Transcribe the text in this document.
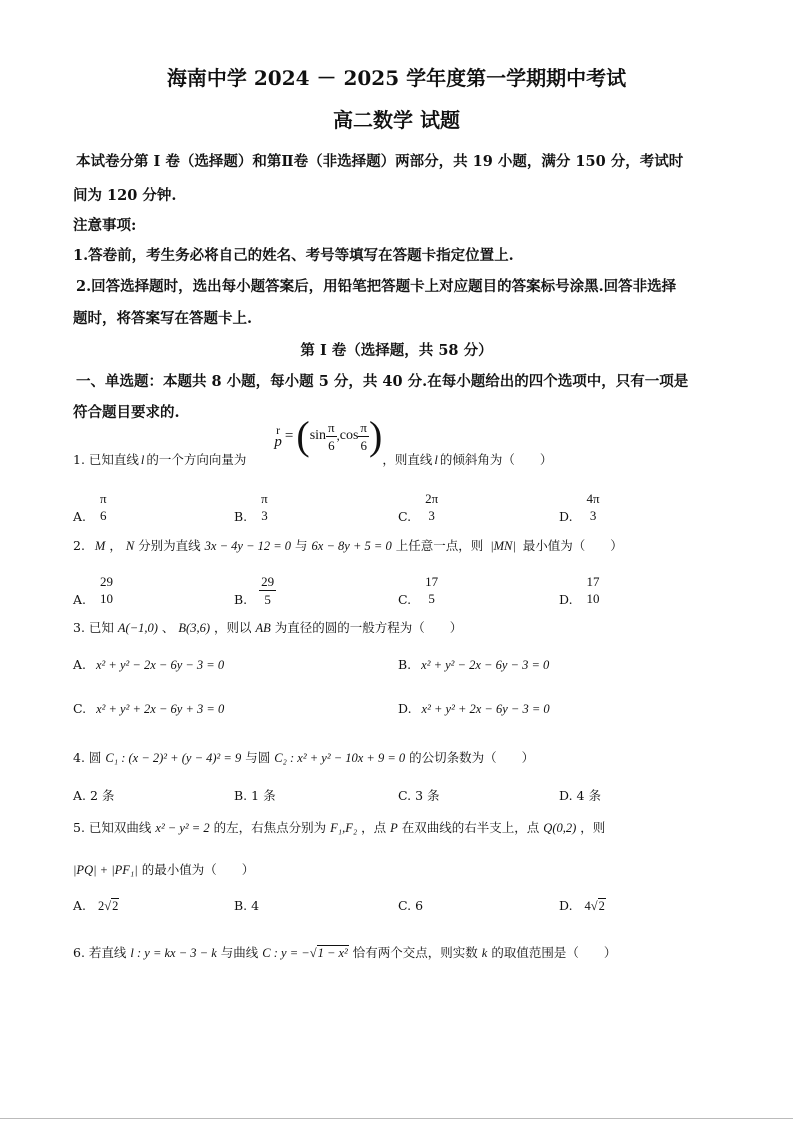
海南中学 2024 － 2025 学年度第一学期期中考试
高二数学 试题
本试卷分第 I 卷（选择题）和第Ⅱ卷（非选择题）两部分，共 19 小题，满分 150 分，考试时
间为 120 分钟.
注意事项:
1.答卷前，考生务必将自己的姓名、考号等填写在答题卡指定位置上.
2.回答选择题时，选出每小题答案后，用铅笔把答题卡上对应题目的答案标号涂黑.回答非选择
题时，将答案写在答题卡上.
第 I 卷（选择题，共 58 分）
一、单选题：本题共 8 小题，每小题 5 分，共 40 分.在每小题给出的四个选项中，只有一项是
符合题目要求的.
1. 已知直线 l 的一个方向向量为
r
p = ( $\sin \frac{\pi}{6}$ , $\cos \frac{\pi}{6}$ )
，则直线 l 的倾斜角为（　　）
A.
π
6	B.
π
3	C.
2π
3	D.
4π
3
2. M ， N 分别为直线 3x − 4y − 12 = 0 与 6x − 8y + 5 = 0 上任意一点，则 |MN| 最小值为（　　）
A.
29
10	B. $\frac{29}{5}$	C.
17
5	D.
17
10
3. 已知 A(−1,0) 、 B(3,6) ，则以 AB 为直径的圆的一般方程为（　　）
A. x² + y² − 2x − 6y − 3 = 0	B. x² + y² − 2x − 6y − 3 = 0
C. x² + y² + 2x − 6y + 3 = 0	D. x² + y² + 2x − 6y − 3 = 0
4. 圆 C₁ : (x − 2)² + (y − 4)² = 9 与圆 C₂ : x² + y² − 10x + 9 = 0 的公切条数为（　　）
A. 2 条	B. 1 条	C. 3 条	D. 4 条
5. 已知双曲线 x² − y² = 2 的左，右焦点分别为 F₁,F₂ ，点 P 在双曲线的右半支上，点 Q(0,2) ，则
|PQ| + |PF₁| 的最小值为（　　）
A. 2√2	B. 4	C. 6	D. 4√2
6. 若直线 l : y = kx − 3 − k 与曲线 C : y = −√1 − x² 恰有两个交点，则实数 k 的取值范围是（　　）
